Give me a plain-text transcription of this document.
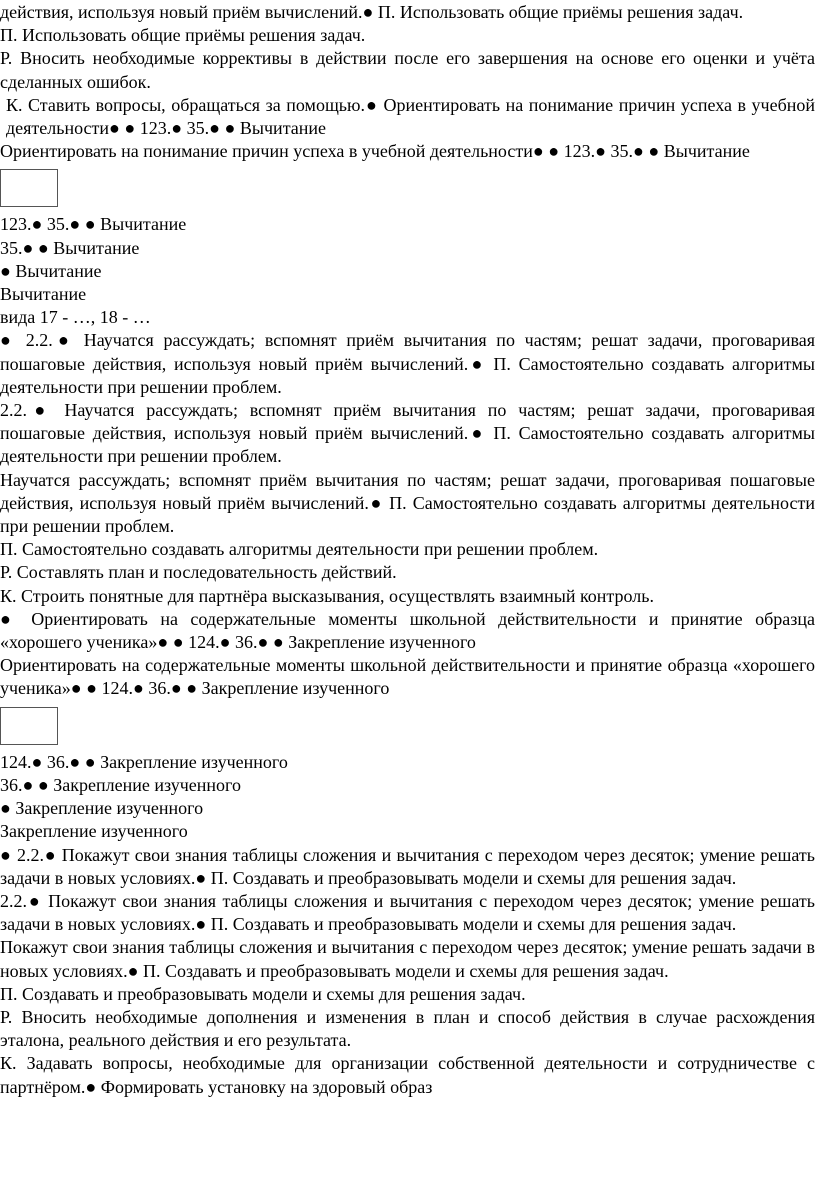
действия, используя новый приём вычислений.● П. Использовать общие приёмы решения задач.

П. Использовать общие приёмы решения задач.

Р. Вносить необходимые коррективы в действии после его завершения на основе его оценки и учёта сделанных ошибок.

К. Ставить вопросы, обращаться за помощью.● Ориентировать на понимание причин успеха в учебной деятельности● ● 123.● 35.● ● Вычитание

Ориентировать на понимание причин успеха в учебной деятельности● ● 123.● 35.● ● Вычитание

123.● 35.● ● Вычитание

35.● ● Вычитание

● Вычитание

Вычитание

вида 17 - …, 18 - …

● 2.2.● Научатся рассуждать; вспомнят приём вычитания по частям; решат задачи, проговаривая пошаговые действия, используя новый приём вычислений.● П. Самостоятельно создавать алгоритмы деятельности при решении проблем.

2.2.● Научатся рассуждать; вспомнят приём вычитания по частям; решат задачи, проговаривая пошаговые действия, используя новый приём вычислений.● П. Самостоятельно создавать алгоритмы деятельности при решении проблем.

Научатся рассуждать; вспомнят приём вычитания по частям; решат задачи, проговаривая пошаговые действия, используя новый приём вычислений.● П. Самостоятельно создавать алгоритмы деятельности при решении проблем.

П. Самостоятельно создавать алгоритмы деятельности при решении проблем.

Р. Составлять план и последовательность действий.

К. Строить понятные для партнёра высказывания, осуществлять взаимный контроль.

● Ориентировать на содержательные моменты школьной действительности и принятие образца «хорошего ученика»● ● 124.● 36.● ● Закрепление изученного

Ориентировать на содержательные моменты школьной действительности и принятие образца «хорошего ученика»● ● 124.● 36.● ● Закрепление изученного

124.● 36.● ● Закрепление изученного

36.● ● Закрепление изученного

● Закрепление изученного

Закрепление изученного

● 2.2.● Покажут свои знания таблицы сложения и вычитания с переходом через десяток; умение решать задачи в новых условиях.● П. Создавать и преобразовывать модели и схемы для решения задач.

2.2.● Покажут свои знания таблицы сложения и вычитания с переходом через десяток; умение решать задачи в новых условиях.● П. Создавать и преобразовывать модели и схемы для решения задач.

Покажут свои знания таблицы сложения и вычитания с переходом через десяток; умение решать задачи в новых условиях.● П. Создавать и преобразовывать модели и схемы для решения задач.

П. Создавать и преобразовывать модели и схемы для решения задач.

Р. Вносить необходимые дополнения и изменения в план и способ действия в случае расхождения эталона, реального действия и его результата.

К. Задавать вопросы, необходимые для организации собственной деятельности и сотрудничестве с партнёром.● Формировать установку на здоровый образ
